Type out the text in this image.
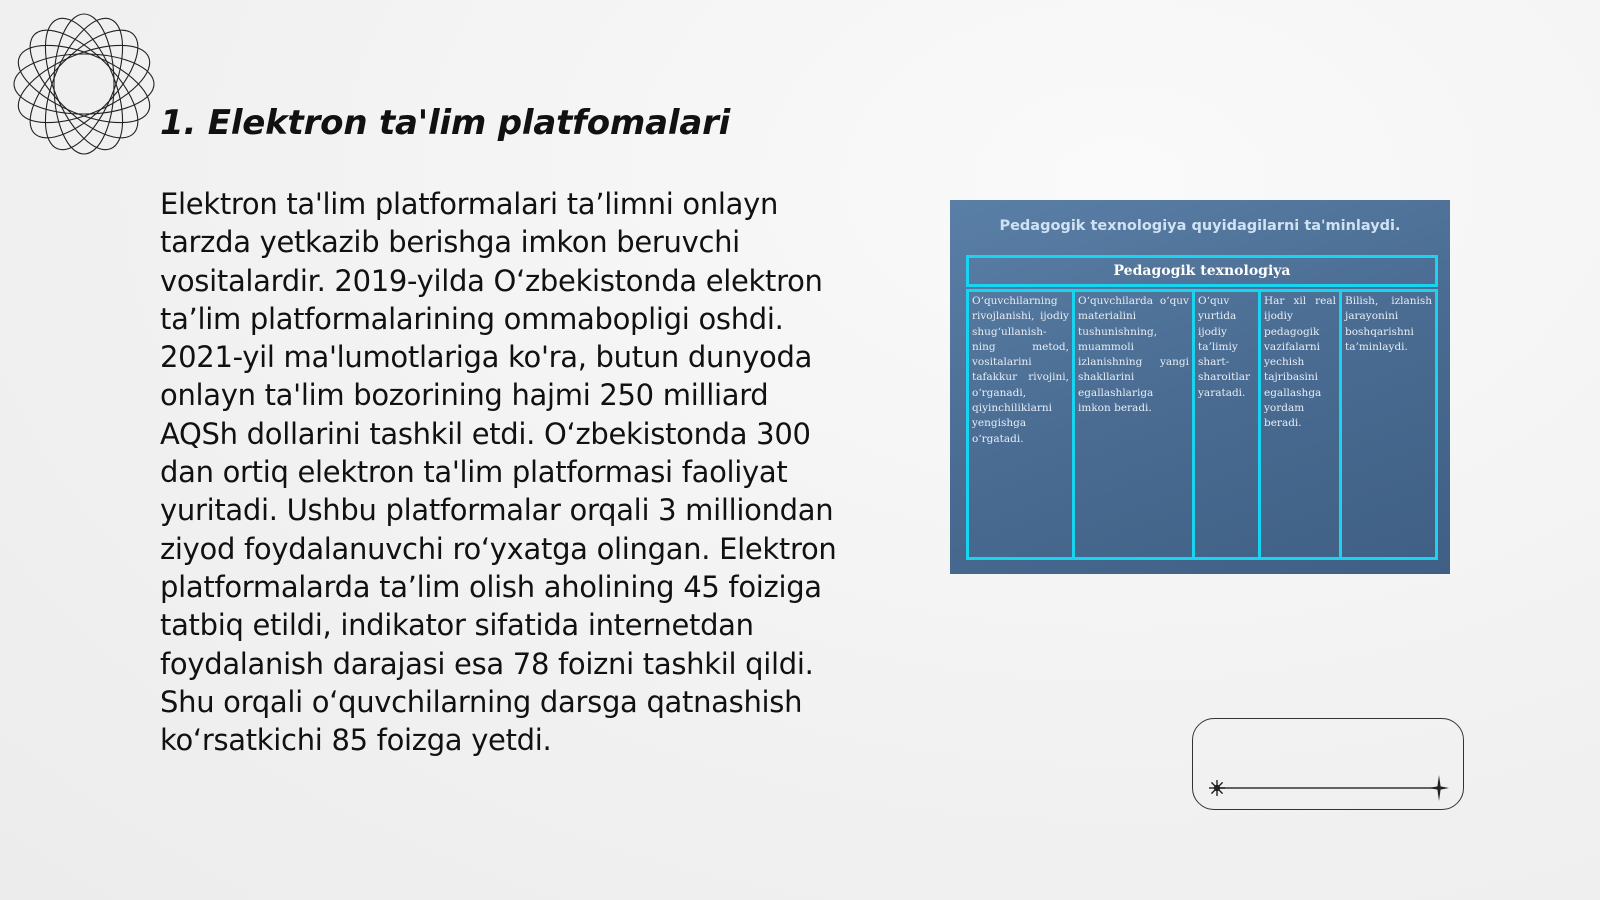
1. Elektron ta'lim platfomalari

Elektron ta'lim platformalari ta’limni onlayn tarzda yetkazib berishga imkon beruvchi vositalardir. 2019-yilda O‘zbekistonda elektron ta’lim platformalarining ommabopligi oshdi. 2021-yil ma'lumotlariga ko'ra, butun dunyoda onlayn ta'lim bozorining hajmi 250 milliard AQSh dollarini tashkil etdi. O‘zbekistonda 300 dan ortiq elektron ta'lim platformasi faoliyat yuritadi. Ushbu platformalar orqali 3 milliondan ziyod foydalanuvchi ro‘yxatga olingan. Elektron platformalarda ta’lim olish aholining 45 foiziga tatbiq etildi, indikator sifatida internetdan foydalanish darajasi esa 78 foizni tashkil qildi. Shu orqali o‘quvchilarning darsga qatnashish ko‘rsatkichi 85 foizga yetdi.

Pedagogik texnologiya quyidagilarni ta'minlaydi.
Pedagogik texnologiya
O‘quvchilarning rivojlanishi, ijodiy shug‘ullanish-ning metod, vositalarini tafakkur rivojini, o‘rganadi, qiyinchiliklarni yengishga o‘rgatadi.
O‘quvchilarda o‘quv materialini tushunishning, muammoli izlanishning yangi shakllarini egallashlariga imkon beradi.
O‘quv yurtida ijodiy ta’limiy shart-sharoitlar yaratadi.
Har xil real ijodiy pedagogik vazifalarni yechish tajribasini egallashga yordam beradi.
Bilish, izlanish jarayonini boshqarishni ta’minlaydi.
